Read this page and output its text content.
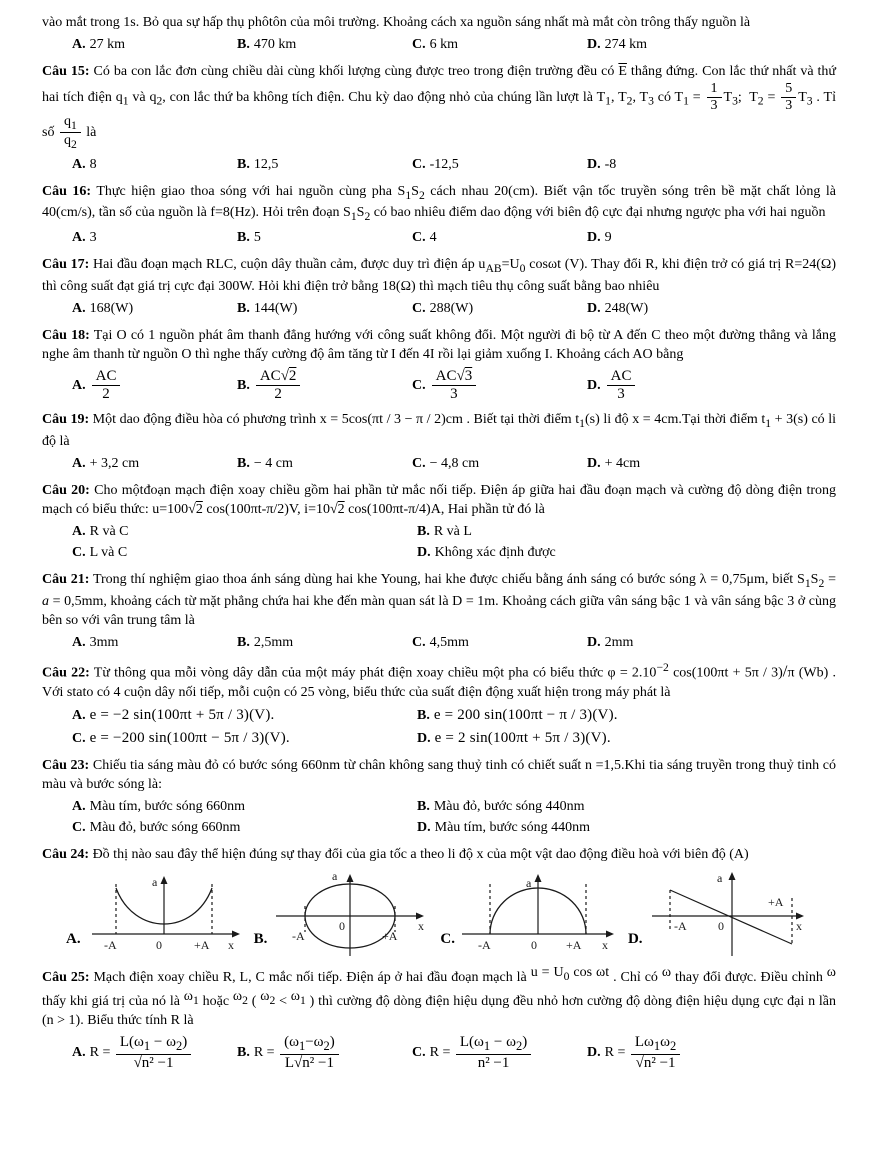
vào mắt trong 1s. Bỏ qua sự hấp thụ phôtôn của môi trường. Khoảng cách xa nguồn sáng nhất mà mắt còn trông thấy nguồn là

A. 27 km	B. 470 km	C. 6 km	D. 274 km

Câu 15: Có ba con lắc đơn cùng chiều dài cùng khối lượng cùng được treo trong điện trường đều có $\overline{E}$ thẳng đứng. Con lắc thứ nhất và thứ hai tích điện $q_1$ và $q_2$, con lắc thứ ba không tích điện. Chu kỳ dao động nhỏ của chúng lần lượt là $T_1$, $T_2$, $T_3$ có $T_1 = \frac{1}{3} T_3$;  $T_2 = \frac{5}{3} T_3$ . Tỉ số $\frac{q_1}{q_2}$ là

A. 8	B. 12,5	C. -12,5	D. -8

Câu 16: Thực hiện giao thoa sóng với hai nguồn cùng pha $S_1S_2$ cách nhau 20(cm). Biết vận tốc truyền sóng trên bề mặt chất lỏng là 40(cm/s), tần số của nguồn là f=8(Hz). Hỏi trên đoạn $S_1S_2$ có bao nhiêu điểm dao động với biên độ cực đại nhưng ngược pha với hai nguồn

A. 3	B. 5	C. 4	D. 9

Câu 17: Hai đầu đoạn mạch RLC, cuộn dây thuần cảm, được duy trì điện áp $u_{AB}=U_0$ cosωt (V). Thay đổi R, khi điện trở có giá trị R=24(Ω) thì công suất đạt giá trị cực đại 300W. Hỏi khi điện trở bằng 18(Ω) thì mạch tiêu thụ công suất bằng bao nhiêu

A. 168(W)	B. 144(W)	C. 288(W)	D. 248(W)

Câu 18: Tại O có 1 nguồn phát âm thanh đẳng hướng với công suất không đổi. Một người đi bộ từ A đến C theo một đường thẳng và lắng nghe âm thanh từ nguồn O thì nghe thấy cường độ âm tăng từ I đến 4I rồi lại giảm xuống I. Khoảng cách AO bằng

A. $\frac{AC}{2}$	B. $\frac{AC√2}{2}$	C. $\frac{AC√3}{3}$	D. $\frac{AC}{3}$

Câu 19: Một dao động điều hòa có phương trình x = 5cos(πt / 3 − π / 2)cm . Biết tại thời điểm $t_1(s)$ li độ x = 4cm.Tại thời điểm $t_1 + 3(s)$ có li độ là

A. + 3,2 cm	B. − 4 cm	C. − 4,8 cm	D. + 4cm

Câu 20: Cho mộtđoạn mạch điện xoay chiều gồm hai phần tử mắc nối tiếp. Điện áp giữa hai đầu đoạn mạch và cường độ dòng điện trong mạch có biểu thức: u=100√2 cos(100πt-π/2)V, i=10√2 cos(100πt-π/4)A, Hai phần tử đó là

A. R và C	B. R và L
C. L và C	D. Không xác định được

Câu 21: Trong thí nghiệm giao thoa ánh sáng dùng hai khe Young, hai khe được chiếu bằng ánh sáng có bước sóng λ = 0,75μm, biết $S_1S_2 = a = 0,5mm$, khoảng cách từ mặt phẳng chứa hai khe đến màn quan sát là D = 1m. Khoảng cách giữa vân sáng bậc 1 và vân sáng bậc 3 ở cùng bên so với vân trung tâm là

A. 3mm	B. 2,5mm	C. 4,5mm	D. 2mm

Câu 22: Từ thông qua mỗi vòng dây dẫn của một máy phát điện xoay chiều một pha có biểu thức $\varphi = 2.10^{-2}$ cos(100πt + 5π / 3)/π (Wb) . Với stato có 4 cuộn dây nối tiếp, mỗi cuộn có 25 vòng, biểu thức của suất điện động xuất hiện trong máy phát là

A. e = −2 sin(100πt + 5π / 3)(V).	B. e = 200 sin(100πt − π / 3)(V).
C. e = −200 sin(100πt − 5π / 3)(V).	D. e = 2 sin(100πt + 5π / 3)(V).

Câu 23: Chiếu tia sáng màu đỏ có bước sóng 660nm từ chân không sang thuỷ tinh có chiết suất n =1,5.Khi tia sáng truyền trong thuỷ tinh có màu và bước sóng là:

A. Màu tím, bước sóng 660nm	B. Màu đỏ, bước sóng 440nm
C. Màu đỏ, bước sóng 660nm	D. Màu tím, bước sóng 440nm

Câu 24: Đồ thị nào sau đây thể hiện đúng sự thay đổi của gia tốc a theo li độ x của một vật dao động điều hoà với biên độ (A)

A.
a
x
-A	0	+A	B.
a
x
0
-A	+A	C.
a
x
-A	0 +A	D.
a
x
-A	0
+A

Câu 25: Mạch điện xoay chiều R, L, C mắc nối tiếp. Điện áp ở hai đầu đoạn mạch là $u = U_0$ cos ωt . Chỉ có ω thay đổi được. Điều chỉnh ω thấy khi giá trị của nó là $\omega_1$ hoặc $\omega_2$ ( $\omega_2 < \omega_1$ ) thì cường độ dòng điện hiệu dụng đều nhỏ hơn cường độ dòng điện hiệu dụng cực đại n lần (n > 1). Biểu thức tính R là

A. $R = \frac{L(\omega_1 - \omega_2)}{\text{√n² −1}}$	B. $R = \frac{(\omega_1-\omega_2)}{\text{L√n² −1}}$	C. $R = \frac{L(\omega_1 - \omega_2)}{\text{n² −1}}$	D. $R = \frac{L\omega_1\omega_2}{\text{√n² −1}}$
